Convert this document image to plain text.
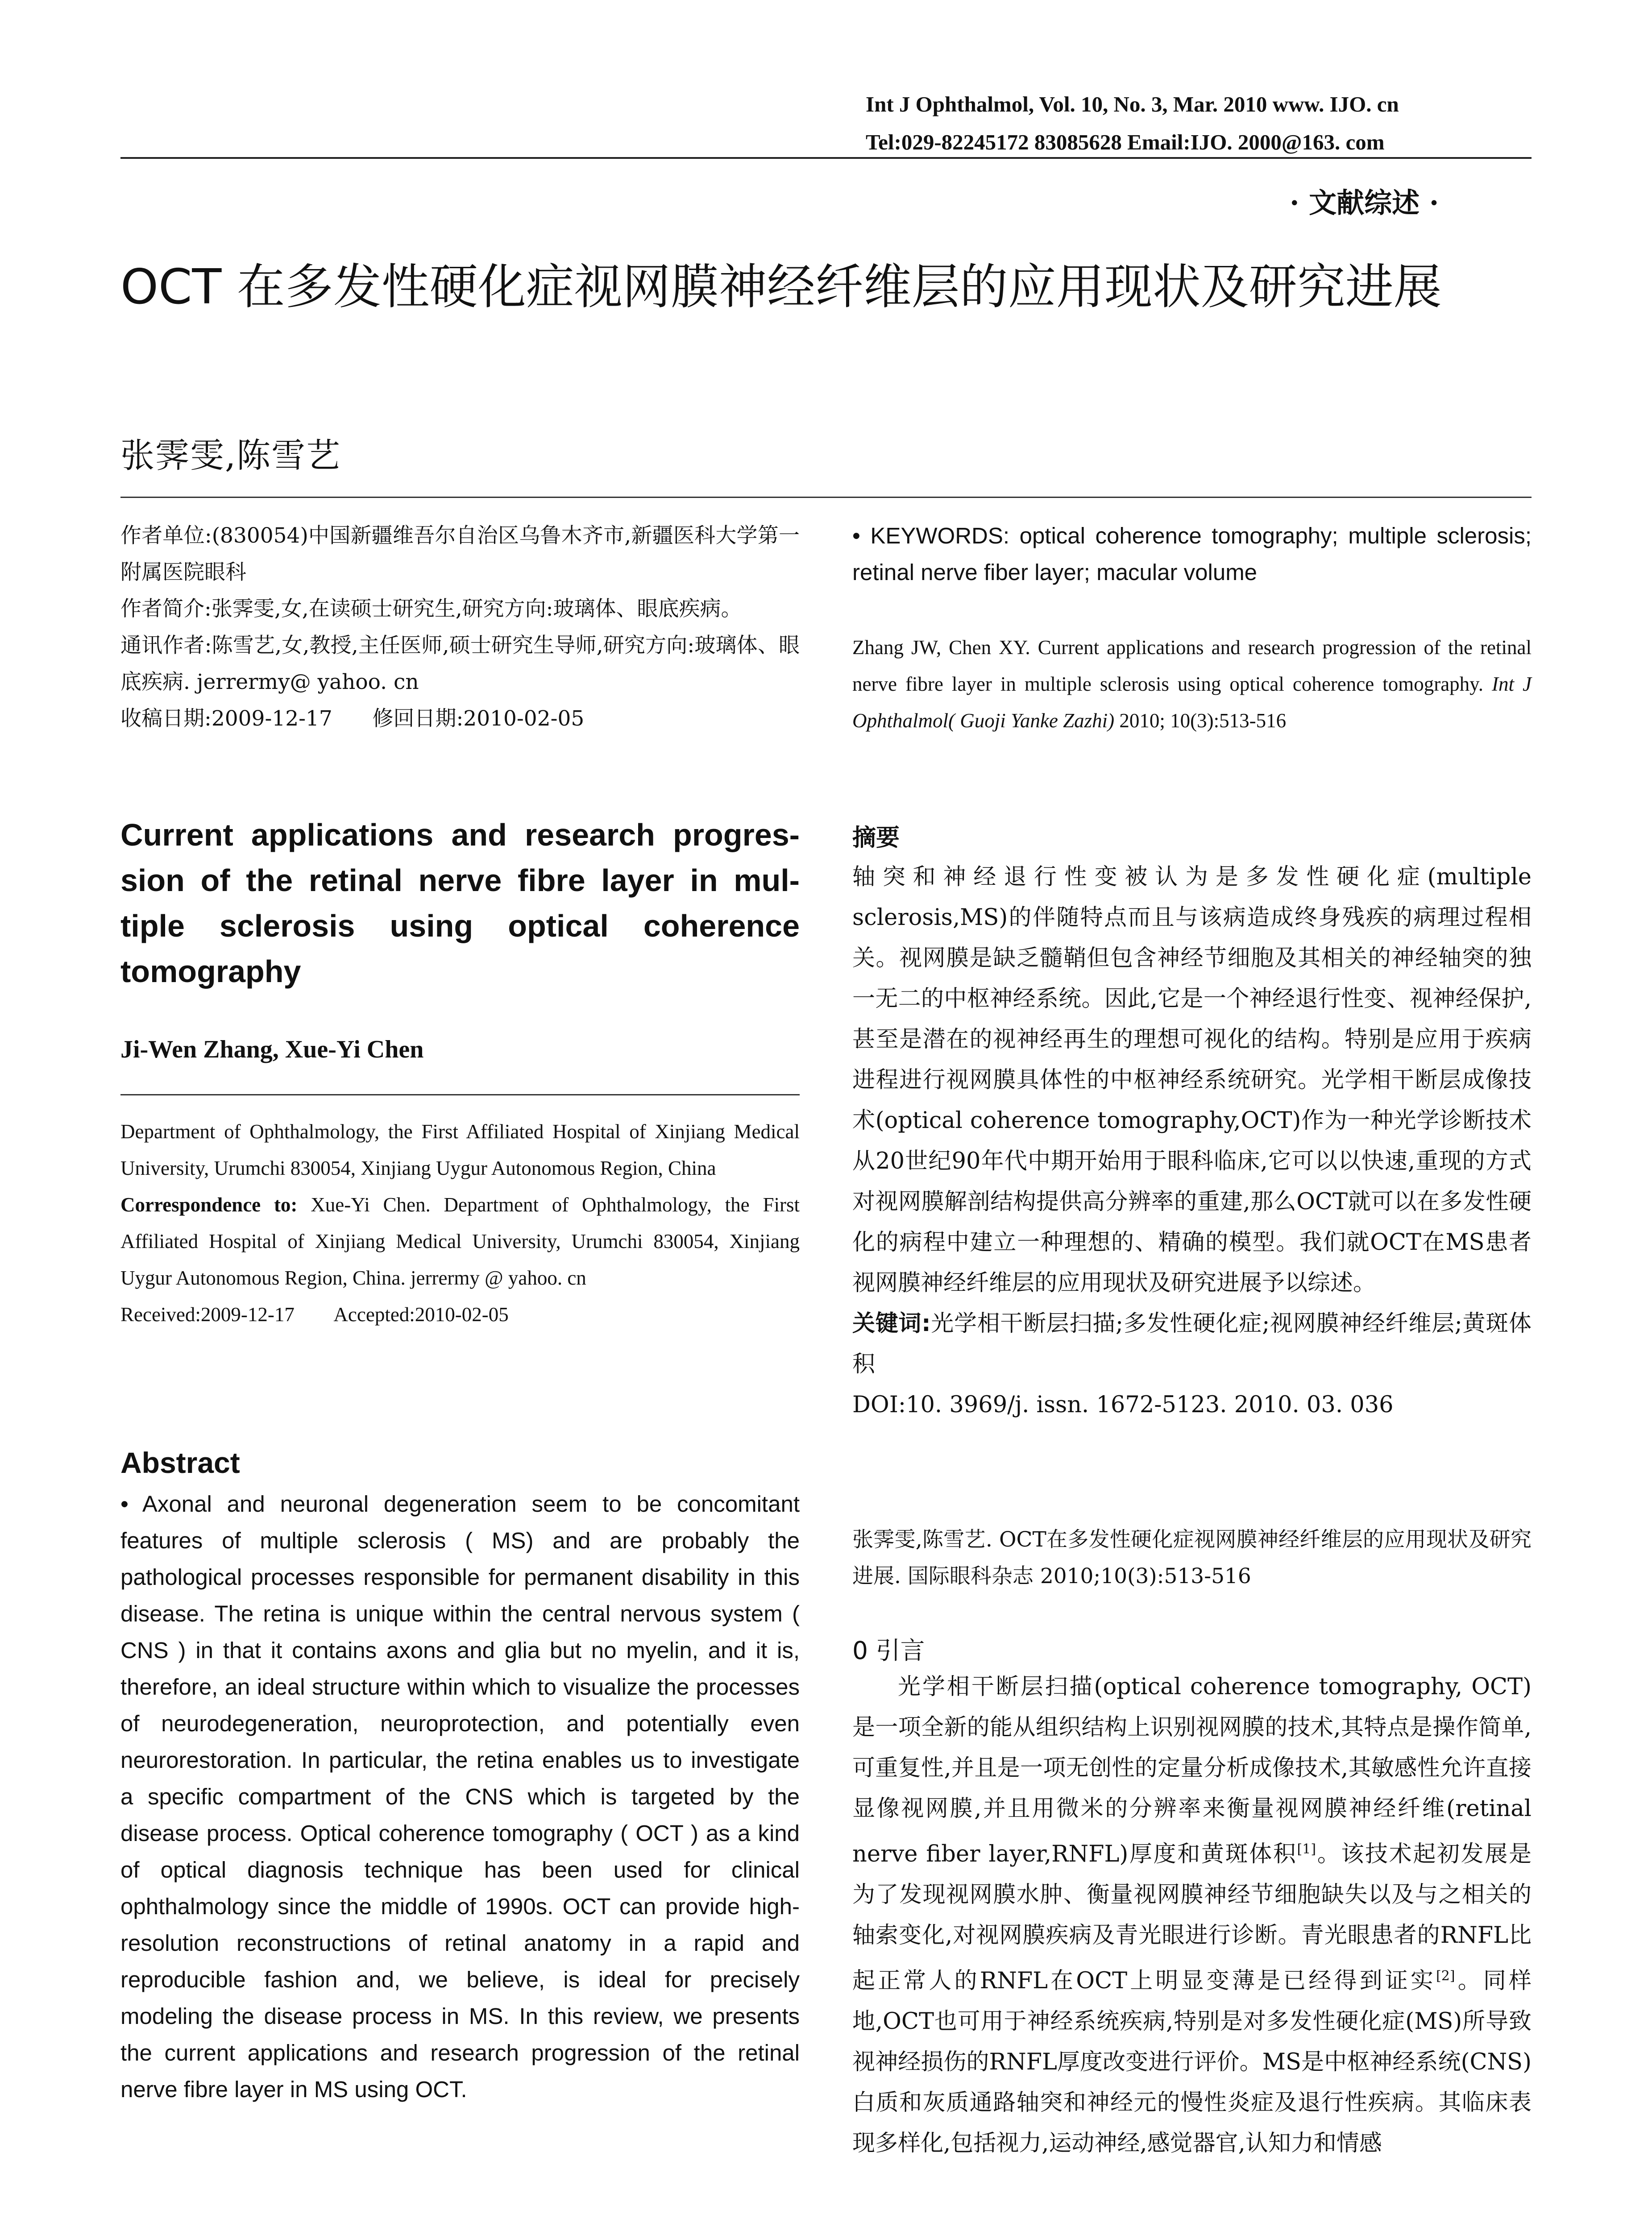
Int J Ophthalmol, Vol. 10, No. 3, Mar. 2010 www. IJO. cn
Tel:029-82245172 83085628 Email:IJO. 2000@163. com
· 文献综述 ·
OCT 在多发性硬化症视网膜神经纤维层的应用现状及研究进展
张霁雯,陈雪艺
作者单位:(830054)中国新疆维吾尔自治区乌鲁木齐市,新疆医科大学第一附属医院眼科
作者简介:张霁雯,女,在读硕士研究生,研究方向:玻璃体、眼底疾病。
通讯作者:陈雪艺,女,教授,主任医师,硕士研究生导师,研究方向:玻璃体、眼底疾病. jerrermy@ yahoo. cn
收稿日期:2009-12-17      修回日期:2010-02-05
Current applications and research progres-sion of the retinal nerve fibre layer in mul-tiple sclerosis using optical coherence tomography
Ji-Wen Zhang, Xue-Yi Chen
Department of Ophthalmology, the First Affiliated Hospital of Xinjiang Medical University, Urumchi 830054, Xinjiang Uygur Autonomous Region, China
Correspondence to: Xue-Yi Chen. Department of Ophthalmology, the First Affiliated Hospital of Xinjiang Medical University, Urumchi 830054, Xinjiang Uygur Autonomous Region, China. jerrermy @ yahoo. cn
Received:2009-12-17        Accepted:2010-02-05
Abstract
• Axonal and neuronal degeneration seem to be concomitant features of multiple sclerosis ( MS) and are probably the pathological processes responsible for permanent disability in this disease. The retina is unique within the central nervous system ( CNS ) in that it contains axons and glia but no myelin, and it is, therefore, an ideal structure within which to visualize the processes of neurodegeneration, neuroprotection, and potentially even neurorestoration. In particular, the retina enables us to investigate a specific compartment of the CNS which is targeted by the disease process. Optical coherence tomography ( OCT ) as a kind of optical diagnosis technique has been used for clinical ophthalmology since the middle of 1990s. OCT can provide high-resolution reconstructions of retinal anatomy in a rapid and reproducible fashion and, we believe, is ideal for precisely modeling the disease process in MS. In this review, we presents the current applications and research progression of the retinal nerve fibre layer in MS using OCT.
• KEYWORDS: optical coherence tomography; multiple sclerosis; retinal nerve fiber layer; macular volume
Zhang JW, Chen XY. Current applications and research progression of the retinal nerve fibre layer in multiple sclerosis using optical coherence tomography. Int J Ophthalmol( Guoji Yanke Zazhi) 2010; 10(3):513-516
摘要
轴突和神经退行性变被认为是多发性硬化症(multiple sclerosis,MS)的伴随特点而且与该病造成终身残疾的病理过程相关。视网膜是缺乏髓鞘但包含神经节细胞及其相关的神经轴突的独一无二的中枢神经系统。因此,它是一个神经退行性变、视神经保护,甚至是潜在的视神经再生的理想可视化的结构。特别是应用于疾病进程进行视网膜具体性的中枢神经系统研究。光学相干断层成像技术(optical coherence tomography,OCT)作为一种光学诊断技术从20世纪90年代中期开始用于眼科临床,它可以以快速,重现的方式对视网膜解剖结构提供高分辨率的重建,那么OCT就可以在多发性硬化的病程中建立一种理想的、精确的模型。我们就OCT在MS患者视网膜神经纤维层的应用现状及研究进展予以综述。
关键词:光学相干断层扫描;多发性硬化症;视网膜神经纤维层;黄斑体积
DOI:10. 3969/j. issn. 1672-5123. 2010. 03. 036
张霁雯,陈雪艺. OCT在多发性硬化症视网膜神经纤维层的应用现状及研究进展. 国际眼科杂志 2010;10(3):513-516
0 引言
光学相干断层扫描(optical coherence tomography, OCT)是一项全新的能从组织结构上识别视网膜的技术,其特点是操作简单,可重复性,并且是一项无创性的定量分析成像技术,其敏感性允许直接显像视网膜,并且用微米的分辨率来衡量视网膜神经纤维(retinal nerve fiber layer,RNFL)厚度和黄斑体积[1]。该技术起初发展是为了发现视网膜水肿、衡量视网膜神经节细胞缺失以及与之相关的轴索变化,对视网膜疾病及青光眼进行诊断。青光眼患者的RNFL比起正常人的RNFL在OCT上明显变薄是已经得到证实[2]。同样地,OCT也可用于神经系统疾病,特别是对多发性硬化症(MS)所导致视神经损伤的RNFL厚度改变进行评价。MS是中枢神经系统(CNS)白质和灰质通路轴突和神经元的慢性炎症及退行性疾病。其临床表现多样化,包括视力,运动神经,感觉器官,认知力和情感
